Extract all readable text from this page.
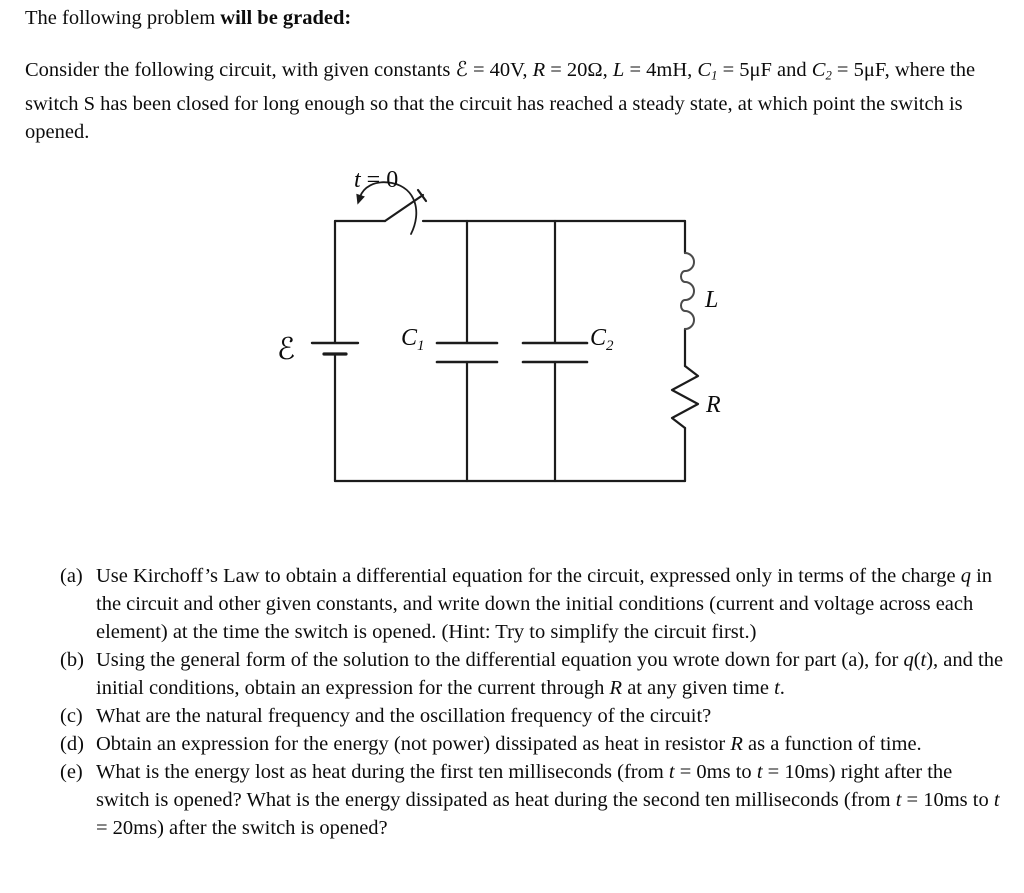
The following problem will be graded:

Consider the following circuit, with given constants ℰ = 40V, R = 20Ω, L = 4mH, C1 = 5μF and C2 = 5μF, where the switch S has been closed for long enough so that the circuit has reached a steady state, at which point the switch is opened.

t = 0
ℰ	$C_1$	$C_2$
L
R
(a) Use Kirchoff’s Law to obtain a differential equation for the circuit, expressed only in terms of the charge q in the circuit and other given constants, and write down the initial conditions (current and voltage across each element) at the time the switch is opened. (Hint: Try to simplify the circuit first.)
(b) Using the general form of the solution to the differential equation you wrote down for part (a), for q(t), and the initial conditions, obtain an expression for the current through R at any given time t.
(c) What are the natural frequency and the oscillation frequency of the circuit?
(d) Obtain an expression for the energy (not power) dissipated as heat in resistor R as a function of time.
(e) What is the energy lost as heat during the first ten milliseconds (from t = 0ms to t = 10ms) right after the switch is opened? What is the energy dissipated as heat during the second ten milliseconds (from t = 10ms to t = 20ms) after the switch is opened?
